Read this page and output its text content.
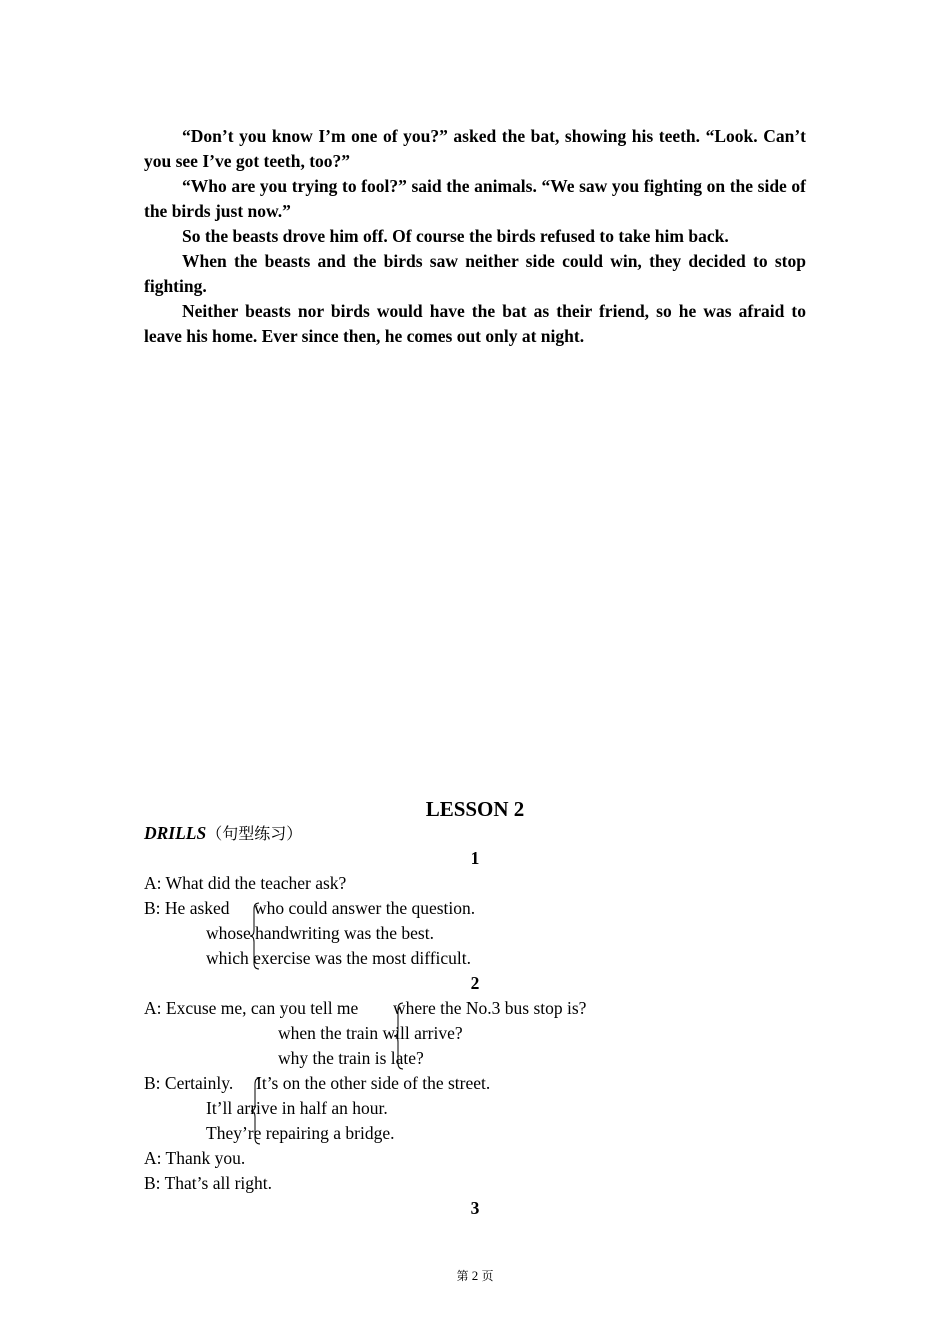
“Don’t you know I’m one of you?” asked the bat, showing his teeth. “Look. Can’t you see I’ve got teeth, too?”

“Who are you trying to fool?” said the animals. “We saw you fighting on the side of the birds just now.”

So the beasts drove him off. Of course the birds refused to take him back.

When the beasts and the birds saw neither side could win, they decided to stop fighting.

Neither beasts nor birds would have the bat as their friend, so he was afraid to leave his home. Ever since then, he comes out only at night.

LESSON 2
DRILLS（句型练习）
1
A: What did the teacher ask?
B: He asked who could answer the question.
whose handwriting was the best.
which exercise was the most difficult.
2
A: Excuse me, can you tell me where the No.3 bus stop is?
when the train will arrive?
why the train is late?
B: Certainly. It’s on the other side of the street.
It’ll arrive in half an hour.
They’re repairing a bridge.
A: Thank you.
B: That’s all right.
3
第 2 页
